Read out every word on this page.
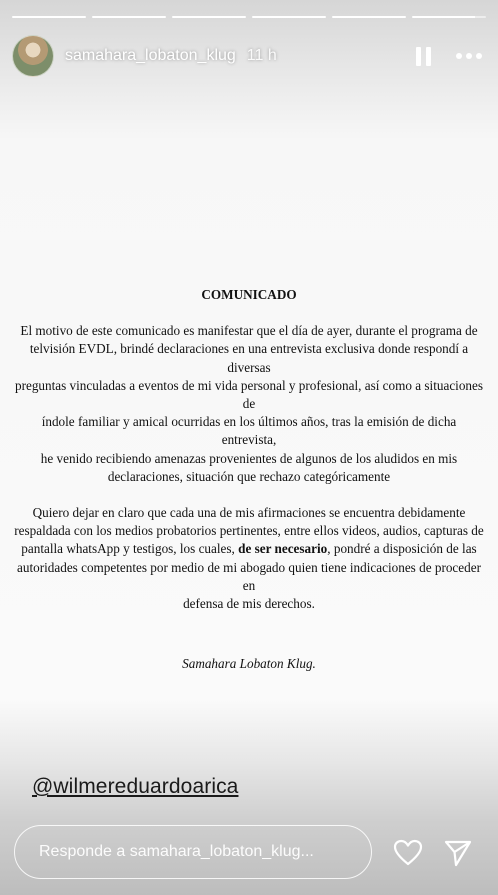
samahara_lobaton_klug 11 h
COMUNICADO

El motivo de este comunicado es manifestar que el día de ayer, durante el programa de
telvisión EVDL, brindé declaraciones en una entrevista exclusiva donde respondí a diversas
preguntas vinculadas a eventos de mi vida personal y profesional, así como a situaciones de
índole familiar y amical ocurridas en los últimos años, tras la emisión de dicha entrevista,
he venido recibiendo amenazas provenientes de algunos de los aludidos en mis
declaraciones, situación que rechazo categóricamente

Quiero dejar en claro que cada una de mis afirmaciones se encuentra debidamente
respaldada con los medios probatorios pertinentes, entre ellos videos, audios, capturas de
pantalla whatsApp y testigos, los cuales, de ser necesario, pondré a disposición de las
autoridades competentes por medio de mi abogado quien tiene indicaciones de proceder en
defensa de mis derechos.

Samahara Lobaton Klug.

@wilmereduardoarica
Responde a samahara_lobaton_klug...
